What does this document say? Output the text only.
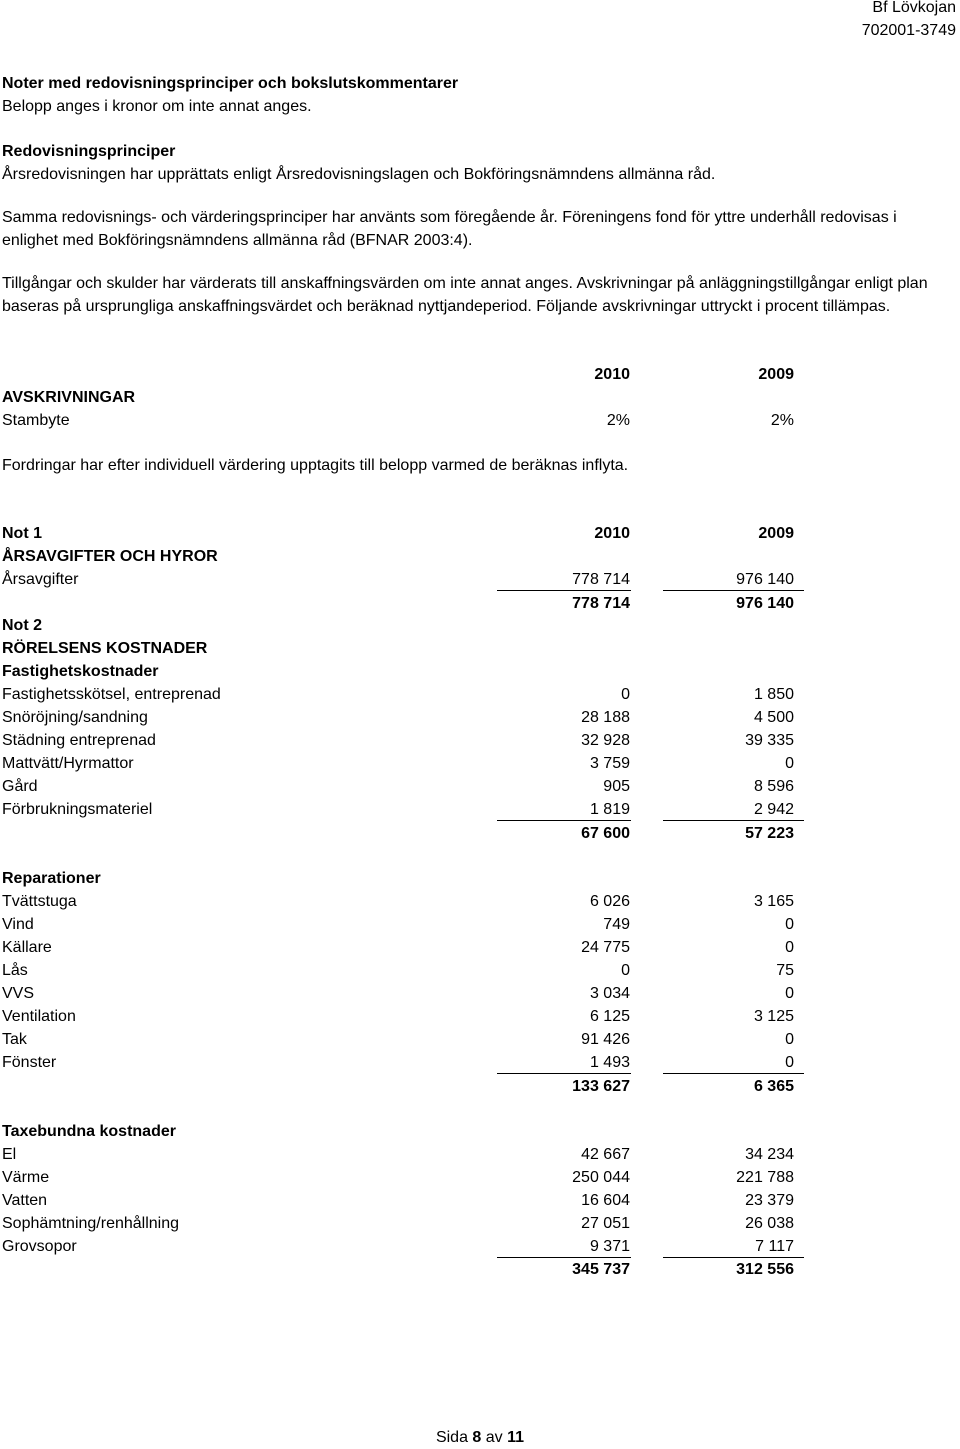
Bf Lövkojan
702001-3749
Noter med redovisningsprinciper och bokslutskommentarer
Belopp anges i kronor om inte annat anges.
Redovisningsprinciper
Årsredovisningen har upprättats enligt Årsredovisningslagen och Bokföringsnämndens allmänna råd.
Samma redovisnings- och värderingsprinciper har använts som föregående år. Föreningens fond för yttre underhåll redovisas i enlighet med Bokföringsnämndens allmänna råd (BFNAR 2003:4).
Tillgångar och skulder har värderats till anskaffningsvärden om inte annat anges. Avskrivningar på anläggningstillgångar enligt plan baseras på ursprungliga anskaffningsvärdet och beräknad nyttjandeperiod. Följande avskrivningar uttryckt i procent tillämpas.
2010	2009
AVSKRIVNINGAR
Stambyte	2%	2%
Fordringar har efter individuell värdering upptagits till belopp varmed de beräknas inflyta.
Not 1	2010	2009
ÅRSAVGIFTER OCH HYROR
Årsavgifter	778 714	976 140
778 714	976 140
Not 2
RÖRELSENS KOSTNADER
Fastighetskostnader
Fastighetsskötsel, entreprenad	0	1 850
Snöröjning/sandning	28 188	4 500
Städning entreprenad	32 928	39 335
Mattvätt/Hyrmattor	3 759	0
Gård	905	8 596
Förbrukningsmateriel	1 819	2 942
67 600	57 223
Reparationer
Tvättstuga	6 026	3 165
Vind	749	0
Källare	24 775	0
Lås	0	75
VVS	3 034	0
Ventilation	6 125	3 125
Tak	91 426	0
Fönster	1 493	0
133 627	6 365
Taxebundna kostnader
El	42 667	34 234
Värme	250 044	221 788
Vatten	16 604	23 379
Sophämtning/renhållning	27 051	26 038
Grovsopor	9 371	7 117
345 737	312 556
Sida 8 av 11
